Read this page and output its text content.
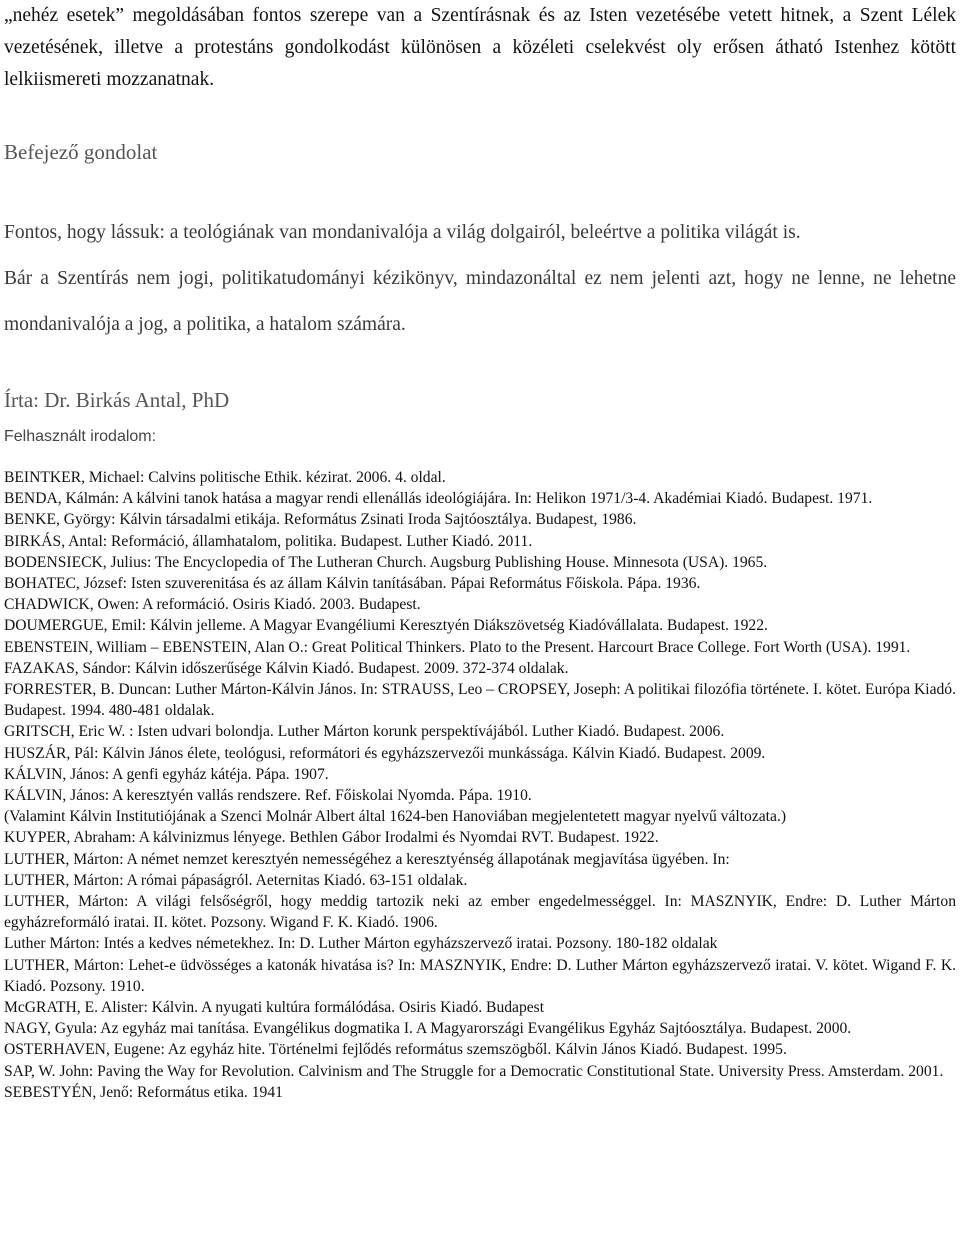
„nehéz esetek” megoldásában fontos szerepe van a Szentírásnak és az Isten vezetésébe vetett hitnek, a Szent Lélek vezetésének, illetve a protestáns gondolkodást különösen a közéleti cselekvést oly erősen átható Istenhez kötött lelkiismereti mozzanatnak.

Befejező gondolat

Fontos, hogy lássuk: a teológiának van mondanivalója a világ dolgairól, beleértve a politika világát is.

Bár a Szentírás nem jogi, politikatudományi kézikönyv, mindazonáltal ez nem jelenti azt, hogy ne lenne, ne lehetne mondanivalója a jog, a politika, a hatalom számára.

Írta: Dr. Birkás Antal, PhD
Felhasznált irodalom:
BEINTKER, Michael: Calvins politische Ethik. kézirat. 2006. 4. oldal.
BENDA, Kálmán: A kálvini tanok hatása a magyar rendi ellenállás ideológiájára. In: Helikon 1971/3-4. Akadémiai Kiadó. Budapest. 1971.
BENKE, György: Kálvin társadalmi etikája. Református Zsinati Iroda Sajtóosztálya. Budapest, 1986.
BIRKÁS, Antal: Reformáció, államhatalom, politika. Budapest. Luther Kiadó. 2011.
BODENSIECK, Julius: The Encyclopedia of The Lutheran Church. Augsburg Publishing House. Minnesota (USA). 1965.
BOHATEC, József: Isten szuverenitása és az állam Kálvin tanításában. Pápai Református Főiskola. Pápa. 1936.
CHADWICK, Owen: A reformáció. Osiris Kiadó. 2003. Budapest.
DOUMERGUE, Emil: Kálvin jelleme. A Magyar Evangéliumi Keresztyén Diákszövetség Kiadóvállalata. Budapest. 1922.
EBENSTEIN, William – EBENSTEIN, Alan O.: Great Political Thinkers. Plato to the Present. Harcourt Brace College. Fort Worth (USA). 1991.
FAZAKAS, Sándor: Kálvin időszerűsége Kálvin Kiadó. Budapest. 2009. 372-374 oldalak.
FORRESTER, B. Duncan: Luther Márton-Kálvin János. In: STRAUSS, Leo – CROPSEY, Joseph: A politikai filozófia története. I. kötet. Európa Kiadó. Budapest. 1994. 480-481 oldalak.
GRITSCH, Eric W. : Isten udvari bolondja. Luther Márton korunk perspektívájából. Luther Kiadó. Budapest. 2006.
HUSZÁR, Pál: Kálvin János élete, teológusi, reformátori és egyházszervezői munkássága. Kálvin Kiadó. Budapest. 2009.
KÁLVIN, János: A genfi egyház kátéja. Pápa. 1907.
KÁLVIN, János: A keresztyén vallás rendszere. Ref. Főiskolai Nyomda. Pápa. 1910.
(Valamint Kálvin Institutiójának a Szenci Molnár Albert által 1624-ben Hanoviában megjelentetett magyar nyelvű változata.)
KUYPER, Abraham: A kálvinizmus lényege. Bethlen Gábor Irodalmi és Nyomdai RVT. Budapest. 1922.
LUTHER, Márton: A német nemzet keresztyén nemességéhez a keresztyénség állapotának megjavítása ügyében. In:
LUTHER, Márton: A római pápaságról. Aeternitas Kiadó. 63-151 oldalak.
LUTHER, Márton: A világi felsőségről, hogy meddig tartozik neki az ember engedelmességgel. In: MASZNYIK, Endre: D. Luther Márton egyházreformáló iratai. II. kötet. Pozsony. Wigand F. K. Kiadó. 1906.
Luther Márton: Intés a kedves németekhez. In: D. Luther Márton egyházszervező iratai. Pozsony. 180-182 oldalak
LUTHER, Márton: Lehet-e üdvösséges a katonák hivatása is? In: MASZNYIK, Endre: D. Luther Márton egyházszervező iratai. V. kötet. Wigand F. K. Kiadó. Pozsony. 1910.
McGRATH, E. Alister: Kálvin. A nyugati kultúra formálódása. Osiris Kiadó. Budapest
NAGY, Gyula: Az egyház mai tanítása. Evangélikus dogmatika I. A Magyarországi Evangélikus Egyház Sajtóosztálya. Budapest. 2000.
OSTERHAVEN, Eugene: Az egyház hite. Történelmi fejlődés református szemszögből. Kálvin János Kiadó. Budapest. 1995.
SAP, W. John: Paving the Way for Revolution. Calvinism and The Struggle for a Democratic Constitutional State. University Press. Amsterdam. 2001.
SEBESTYÉN, Jenő: Református etika. 1941
